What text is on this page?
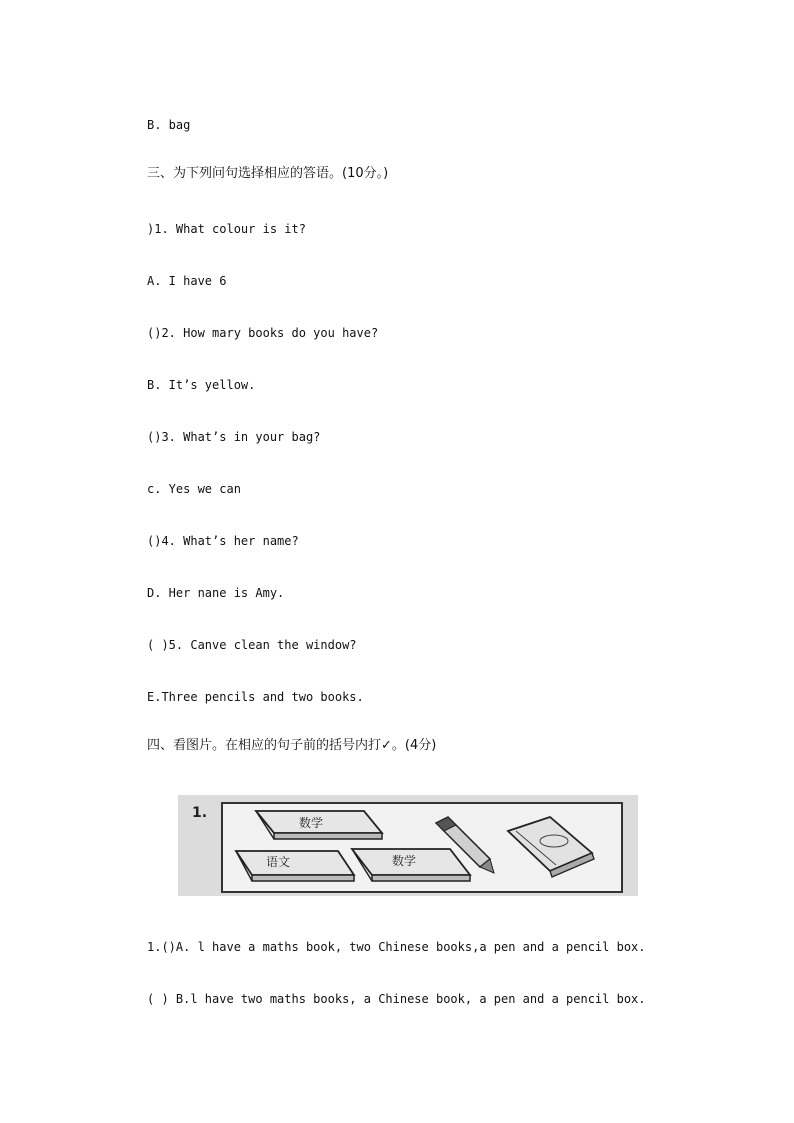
B. bag
三、为下列问句选择相应的答语。(10分。)
)1. What colour is it?
A. I have 6
()2. How mary books do you have?
B. It’s yellow.
()3. What’s in your bag?
c. Yes we can
()4. What’s her name?
D. Her nane is Amy.
( )5. Canve clean the window?
E.Three pencils and two books.
四、看图片。在相应的句子前的括号内打✓。(4分)
1.
数学
语文	数学
1.()A. l have a maths book, two Chinese books,a pen and a pencil box.
( ) B.l have two maths books, a Chinese book, a pen and a pencil box.
